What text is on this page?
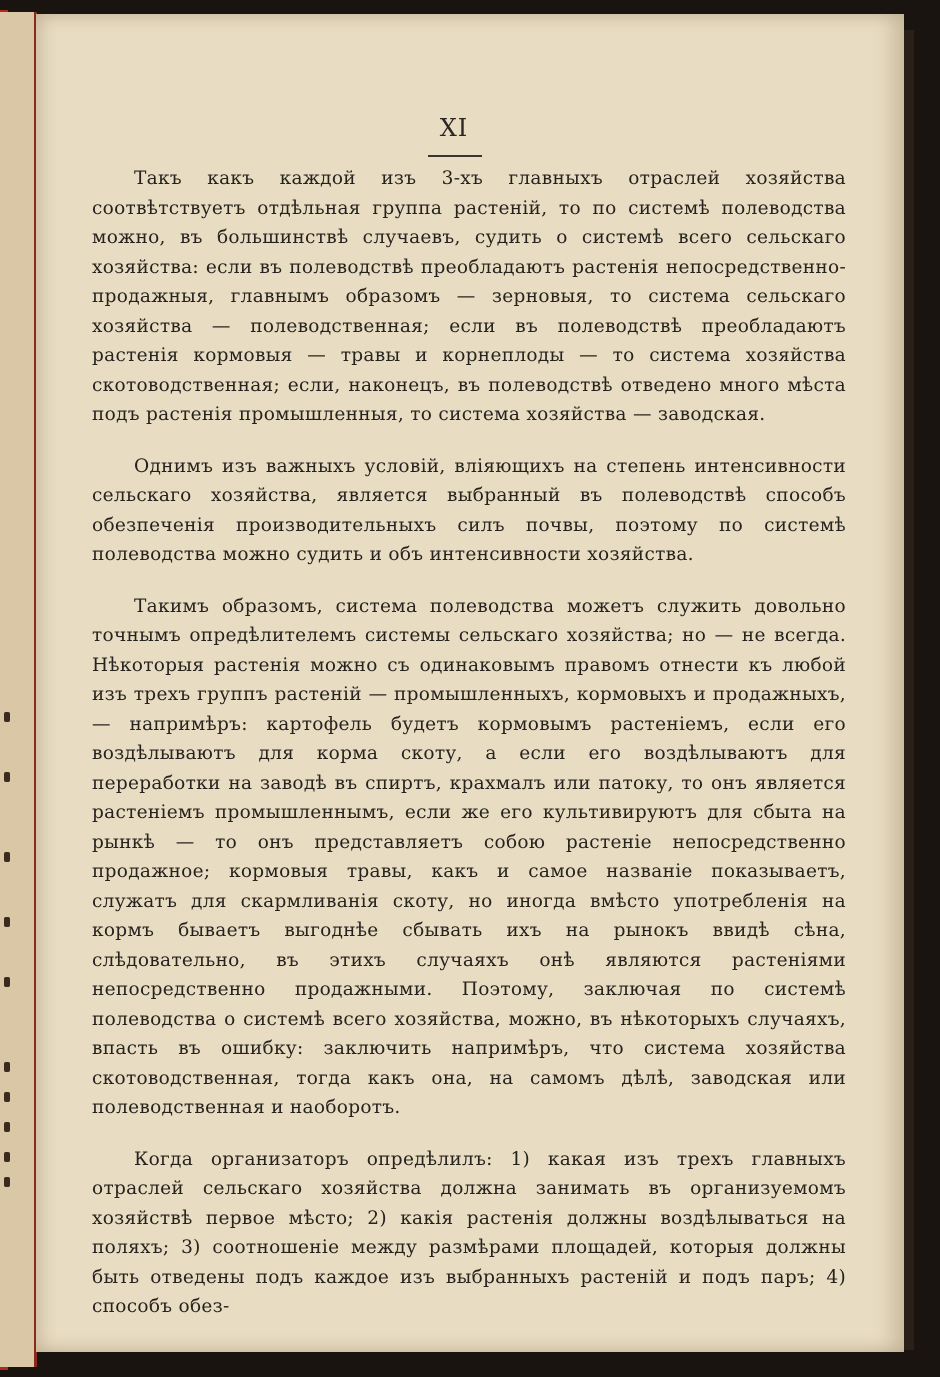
XI

Такъ какъ каждой изъ 3-хъ главныхъ отраслей хозяйства соотвѣтствуетъ отдѣльная группа растеній, то по системѣ полеводства можно, въ большинствѣ случаевъ, судить о системѣ всего сельскаго хозяйства: если въ полеводствѣ преобладаютъ растенія непосредственно-продажныя, главнымъ образомъ — зерновыя, то система сельскаго хозяйства — полеводственная; если въ полеводствѣ преобладаютъ растенія кормовыя — травы и корнеплоды — то система хозяйства скотоводственная; если, наконецъ, въ полеводствѣ отведено много мѣста подъ растенія промышленныя, то система хозяйства — заводская.

Однимъ изъ важныхъ условій, вліяющихъ на степень интенсивности сельскаго хозяйства, является выбранный въ полеводствѣ способъ обезпеченія производительныхъ силъ почвы, поэтому по системѣ полеводства можно судить и объ интенсивности хозяйства.

Такимъ образомъ, система полеводства можетъ служить довольно точнымъ опредѣлителемъ системы сельскаго хозяйства; но — не всегда. Нѣкоторыя растенія можно съ одинаковымъ правомъ отнести къ любой изъ трехъ группъ растеній — промышленныхъ, кормовыхъ и продажныхъ, — напримѣръ: картофель будетъ кормовымъ растеніемъ, если его воздѣлываютъ для корма скоту, а если его воздѣлываютъ для переработки на заводѣ въ спиртъ, крахмалъ или патоку, то онъ является растеніемъ промышленнымъ, если же его культивируютъ для сбыта на рынкѣ — то онъ представляетъ собою растеніе непосредственно продажное; кормовыя травы, какъ и самое названіе показываетъ, служатъ для скармливанія скоту, но иногда вмѣсто употребленія на кормъ бываетъ выгоднѣе сбывать ихъ на рынокъ ввидѣ сѣна, слѣдовательно, въ этихъ случаяхъ онѣ являются растеніями непосредственно продажными. Поэтому, заключая по системѣ полеводства о системѣ всего хозяйства, можно, въ нѣкоторыхъ случаяхъ, впасть въ ошибку: заключить напримѣръ, что система хозяйства скотоводственная, тогда какъ она, на самомъ дѣлѣ, заводская или полеводственная и наоборотъ.

Когда организаторъ опредѣлилъ: 1) какая изъ трехъ главныхъ отраслей сельскаго хозяйства должна занимать въ организуемомъ хозяйствѣ первое мѣсто; 2) какія растенія должны воздѣлываться на поляхъ; 3) соотношеніе между размѣрами площадей, которыя должны быть отведены подъ каждое изъ выбранныхъ растеній и подъ паръ; 4) способъ обез-
